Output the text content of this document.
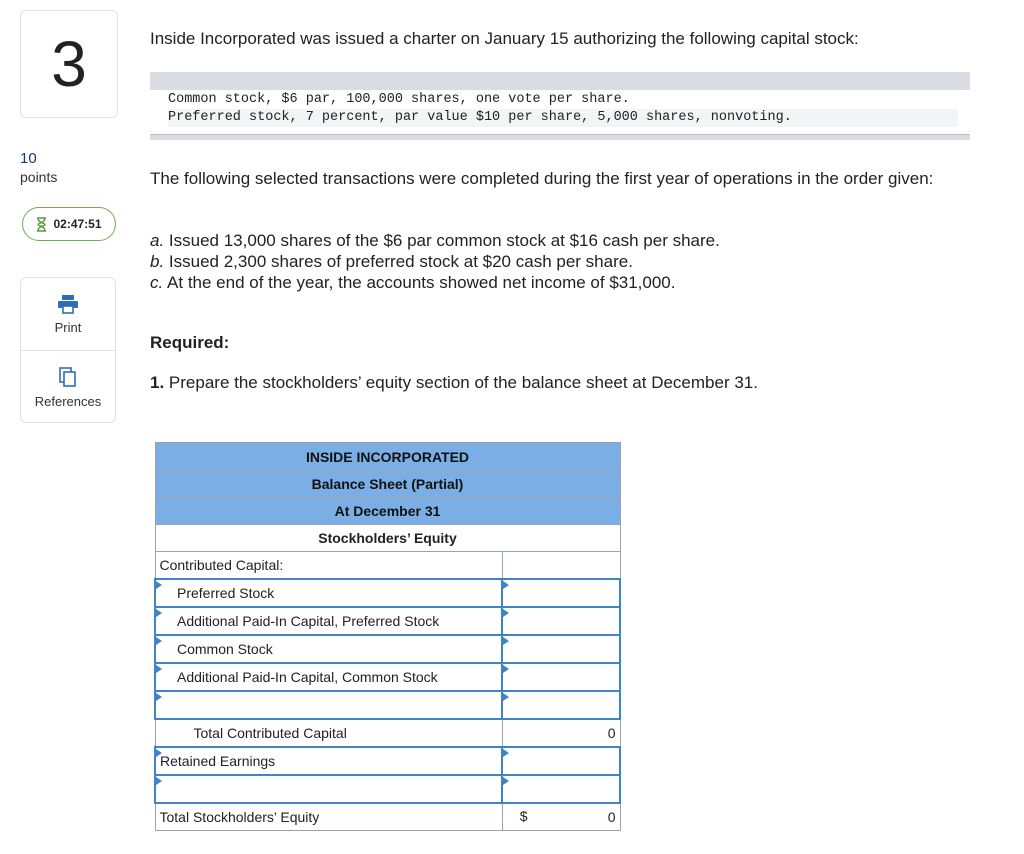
3
10
points
02:47:51
Print
References
Inside Incorporated was issued a charter on January 15 authorizing the following capital stock:
Common stock, $6 par, 100,000 shares, one vote per share.

Preferred stock, 7 percent, par value $10 per share, 5,000 shares, nonvoting.
The following selected transactions were completed during the first year of operations in the order given:
a. Issued 13,000 shares of the $6 par common stock at $16 cash per share.
b. Issued 2,300 shares of preferred stock at $20 cash per share.
c. At the end of the year, the accounts showed net income of $31,000.
Required:
1. Prepare the stockholders’ equity section of the balance sheet at December 31.
INSIDE INCORPORATED	
Balance Sheet (Partial)	
At December 31	
Stockholders’ Equity	
Contributed Capital:	
Preferred Stock	
Additional Paid-In Capital, Preferred Stock	
Common Stock	
Additional Paid-In Capital, Common Stock	

Total Contributed Capital	0
Retained Earnings	

Total Stockholders’ Equity	$ 0
